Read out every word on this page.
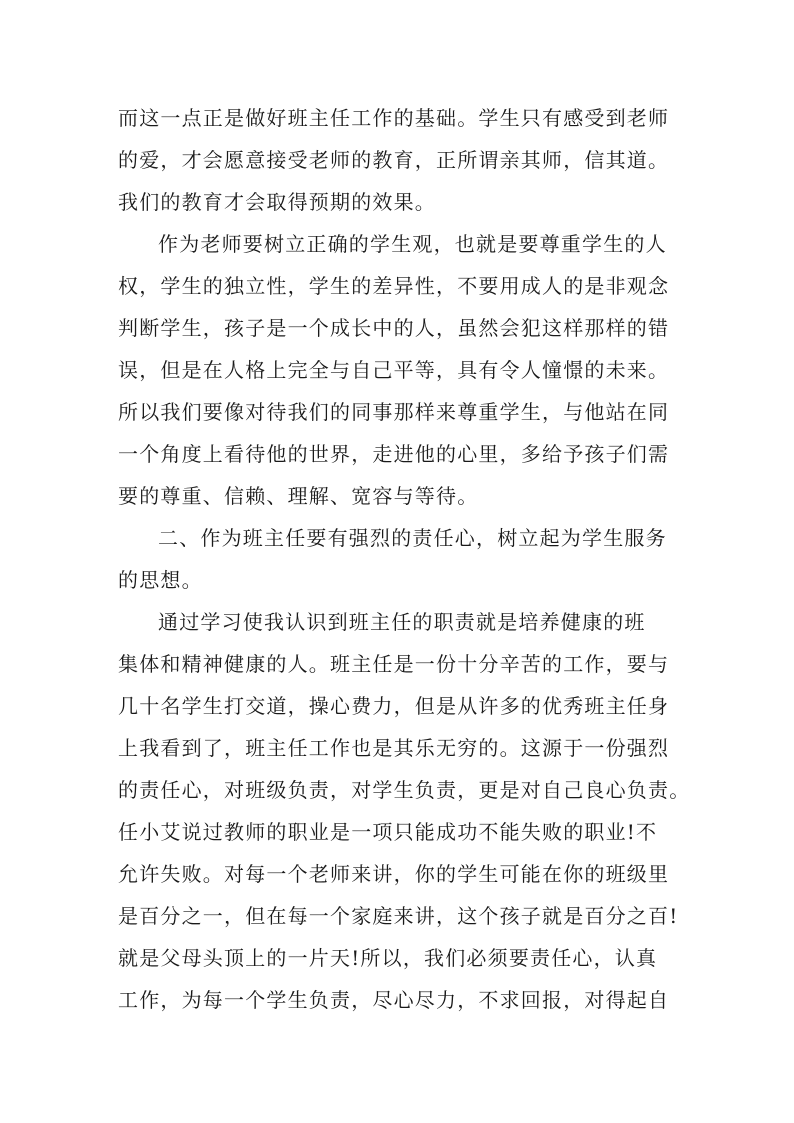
而这一点正是做好班主任工作的基础。学生只有感受到老师
的爱，才会愿意接受老师的教育，正所谓亲其师，信其道。
我们的教育才会取得预期的效果。
作为老师要树立正确的学生观，也就是要尊重学生的人
权，学生的独立性，学生的差异性，不要用成人的是非观念
判断学生，孩子是一个成长中的人，虽然会犯这样那样的错
误，但是在人格上完全与自己平等，具有令人憧憬的未来。
所以我们要像对待我们的同事那样来尊重学生，与他站在同
一个角度上看待他的世界，走进他的心里，多给予孩子们需
要的尊重、信赖、理解、宽容与等待。
二、作为班主任要有强烈的责任心，树立起为学生服务
的思想。
通过学习使我认识到班主任的职责就是培养健康的班
集体和精神健康的人。班主任是一份十分辛苦的工作，要与
几十名学生打交道，操心费力，但是从许多的优秀班主任身
上我看到了，班主任工作也是其乐无穷的。这源于一份强烈
的责任心，对班级负责，对学生负责，更是对自己良心负责。
任小艾说过教师的职业是一项只能成功不能失败的职业!不
允许失败。对每一个老师来讲，你的学生可能在你的班级里
是百分之一，但在每一个家庭来讲，这个孩子就是百分之百!
就是父母头顶上的一片天!所以，我们必须要责任心，认真
工作，为每一个学生负责，尽心尽力，不求回报，对得起自
